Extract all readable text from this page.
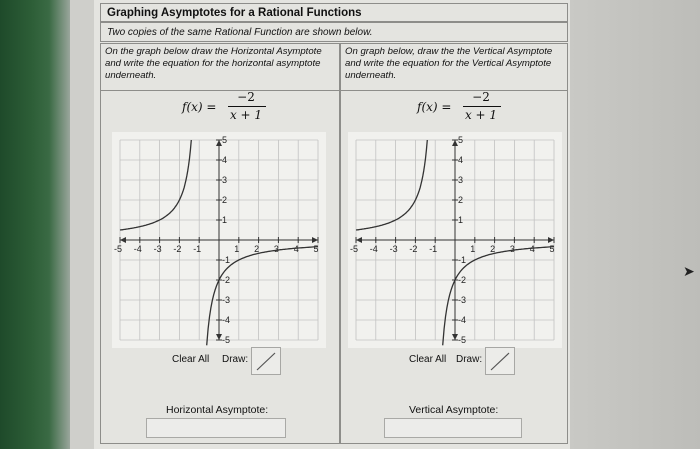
➤
Graphing Asymptotes for a Rational Functions
Two copies of the same Rational Function are shown below.
On the graph below draw the Horizontal Asymptote and write the equation for the horizontal asymptote underneath.
On graph below, draw the the Vertical Asymptote and write the equation for the Vertical Asymptote underneath.
f(x) =
−2
x + 1
f(x) =
−2
x + 1
-5 -4 -3 -2 -1	1 2 3 4 5
5
4
3
2
1
-1
-2
-3
-4
-5
-5 -4 -3 -2 -1	1 2 3 4 5
5
4
3
2
1
-1
-2
-3
-4
-5
Clear All Draw:	Clear All Draw:
Horizontal Asymptote:	Vertical Asymptote:
